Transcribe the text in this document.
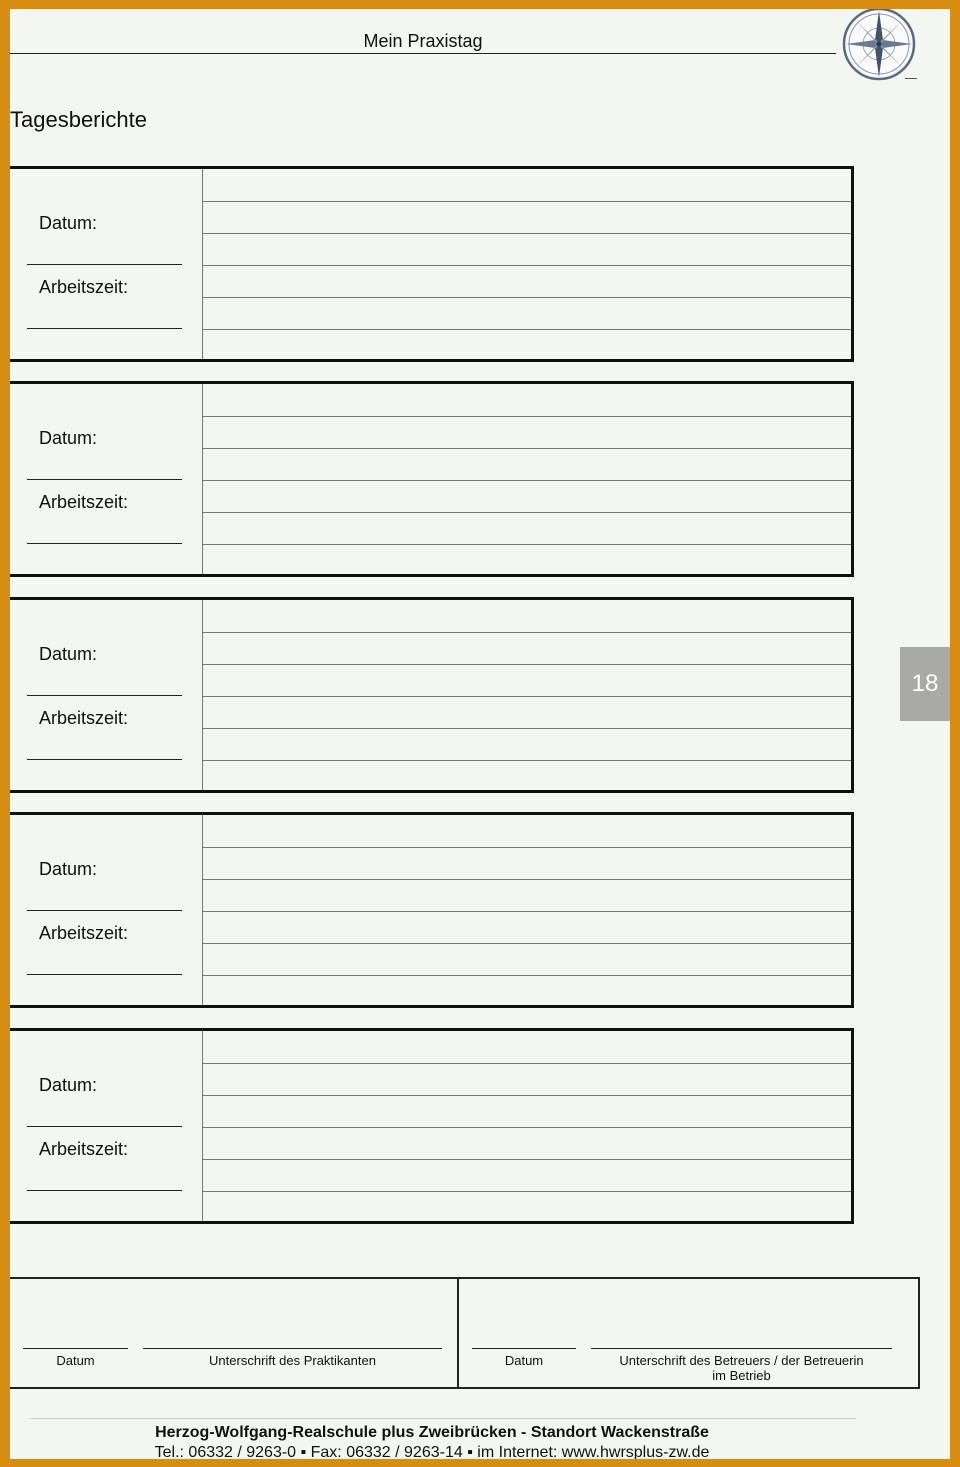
Mein Praxistag
Tagesberichte
Datum:
Arbeitszeit:
Datum:
Arbeitszeit:
Datum:
Arbeitszeit:
Datum:
Arbeitszeit:
Datum:
Arbeitszeit:
18
Datum	Unterschrift des Praktikanten	Datum	Unterschrift des Betreuers / der Betreuerin
im Betrieb
Herzog-Wolfgang-Realschule plus Zweibrücken - Standort Wackenstraße
Tel.: 06332 / 9263-0 ▪ Fax: 06332 / 9263-14 ▪ im Internet: www.hwrsplus-zw.de
